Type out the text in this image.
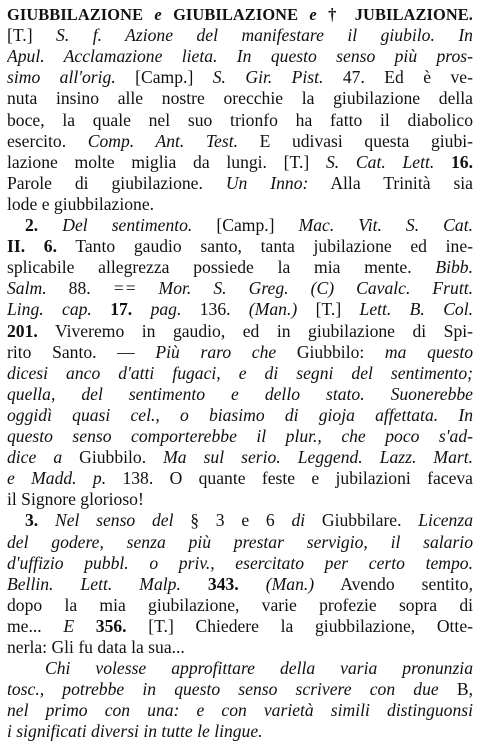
GIUBBILAZIONE e GIUBILAZIONE e † JUBILAZIONE.
[T.] S. f. Azione del manifestare il giubilo. In
Apul. Acclamazione lieta. In questo senso più pros-
simo all'orig. [Camp.] S. Gir. Pist. 47. Ed è ve-
nuta insino alle nostre orecchie la giubilazione della
boce, la quale nel suo trionfo ha fatto il diabolico
esercito. Comp. Ant. Test. E udivasi questa giubi-
lazione molte miglia da lungi. [T.] S. Cat. Lett. 16.
Parole di giubilazione. Un Inno: Alla Trinità sia
lode e giubbilazione.
2. Del sentimento. [Camp.] Mac. Vit. S. Cat.
II. 6. Tanto gaudio santo, tanta jubilazione ed ine-
splicabile allegrezza possiede la mia mente. Bibb.
Salm. 88. == Mor. S. Greg. (C) Cavalc. Frutt.
Ling. cap. 17. pag. 136. (Man.) [T.] Lett. B. Col.
201. Viveremo in gaudio, ed in giubilazione di Spi-
rito Santo. — Più raro che Giubbilo: ma questo
dicesi anco d'atti fugaci, e di segni del sentimento;
quella, del sentimento e dello stato. Suonerebbe
oggidì quasi cel., o biasimo di gioja affettata. In
questo senso comporterebbe il plur., che poco s'ad-
dice a Giubbilo. Ma sul serio. Leggend. Lazz. Mart.
e Madd. p. 138. O quante feste e jubilazioni faceva
il Signore glorioso!
3. Nel senso del § 3 e 6 di Giubbilare. Licenza
del godere, senza più prestar servigio, il salario
d'uffizio pubbl. o priv., esercitato per certo tempo.
Bellin. Lett. Malp. 343. (Man.) Avendo sentito,
dopo la mia giubilazione, varie profezie sopra di
me... E 356. [T.] Chiedere la giubbilazione, Otte-
nerla: Gli fu data la sua...
Chi volesse approfittare della varia pronunzia
tosc., potrebbe in questo senso scrivere con due B,
nel primo con una: e con varietà simili distinguonsi
i significati diversi in tutte le lingue.
